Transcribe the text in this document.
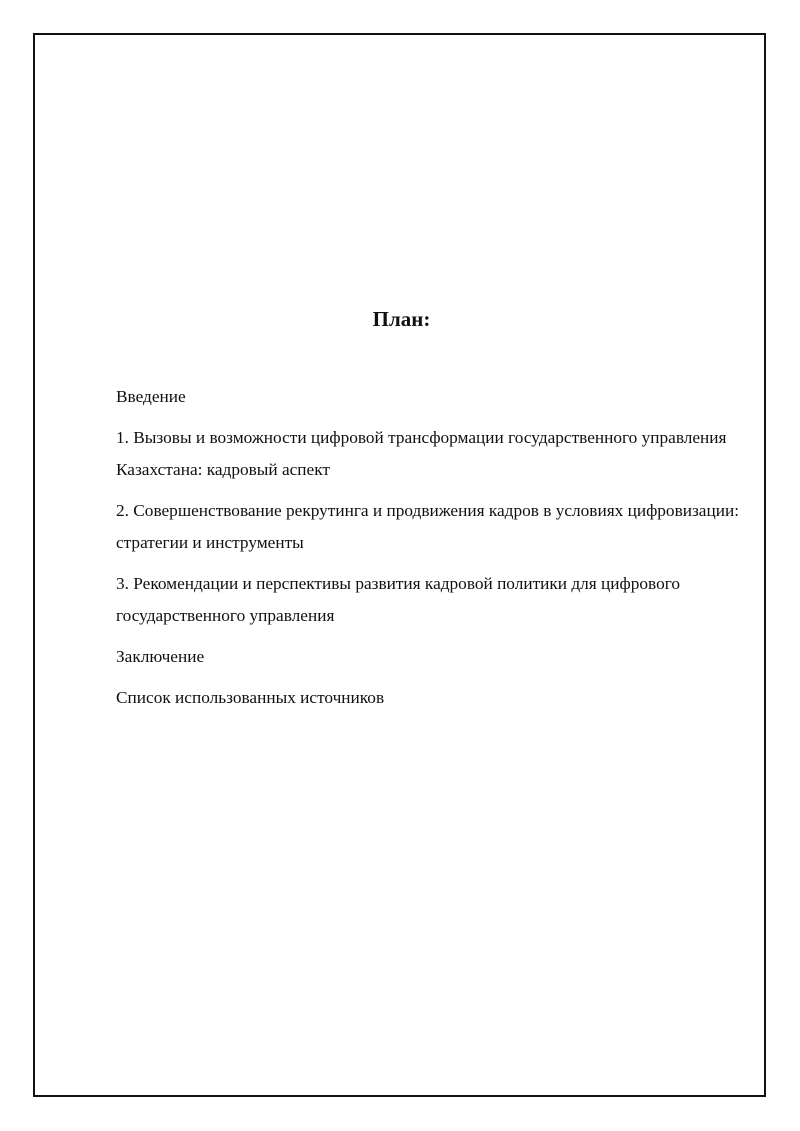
План:
Введение
1. Вызовы и возможности цифровой трансформации государственного управления Казахстана: кадровый аспект
2. Совершенствование рекрутинга и продвижения кадров в условиях цифровизации: стратегии и инструменты
3. Рекомендации и перспективы развития кадровой политики для цифрового государственного управления
Заключение
Список использованных источников
